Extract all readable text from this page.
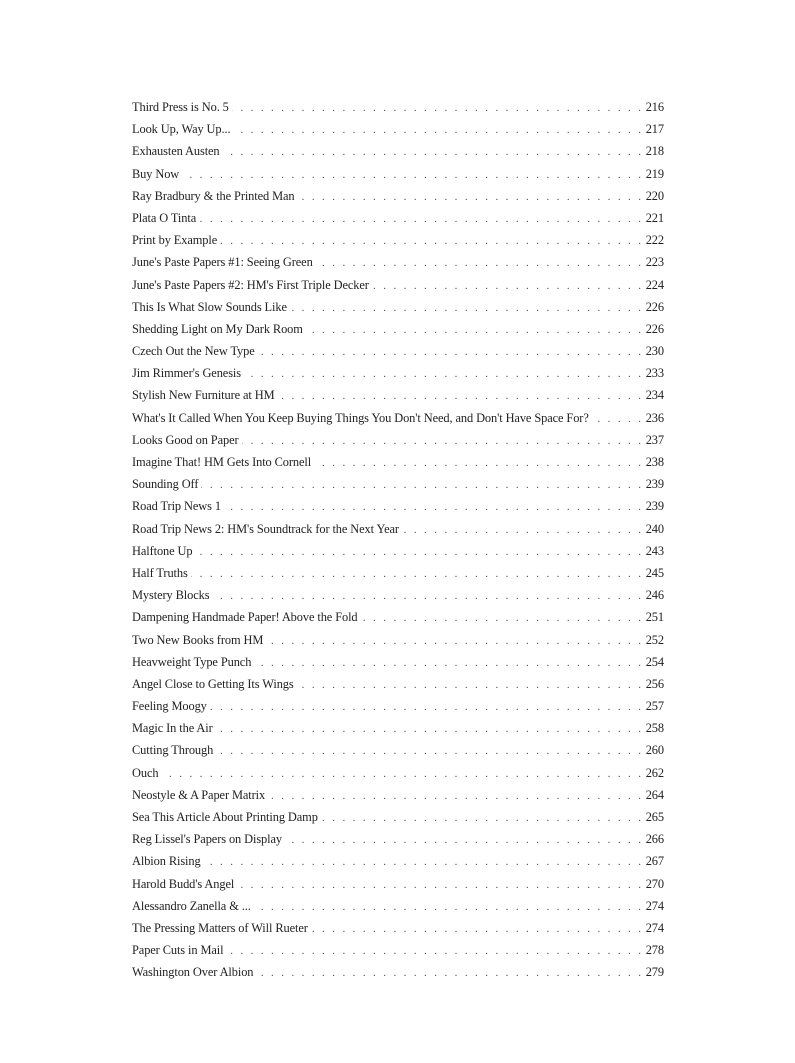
Third Press is No. 5 . . .	216
Look Up, Way Up... . . .	217
Exhausten Austen . . .	218
Buy Now . . .	219
Ray Bradbury & the Printed Man . . .	220
Plata O Tinta . . .	221
Print by Example . . .	222
June's Paste Papers #1: Seeing Green . . .	223
June's Paste Papers #2: HM's First Triple Decker . . .	224
This Is What Slow Sounds Like . . .	226
Shedding Light on My Dark Room . . .	226
Czech Out the New Type . . .	230
Jim Rimmer's Genesis . . .	233
Stylish New Furniture at HM . . .	234
What's It Called When You Keep Buying Things You Don't Need, and Don't Have Space For? . . .	236
Looks Good on Paper . . .	237
Imagine That! HM Gets Into Cornell . . .	238
Sounding Off . . .	239
Road Trip News 1 . . .	239
Road Trip News 2: HM's Soundtrack for the Next Year . . .	240
Halftone Up . . .	243
Half Truths . . .	245
Mystery Blocks . . .	246
Dampening Handmade Paper! Above the Fold . . .	251
Two New Books from HM . . .	252
Heavweight Type Punch . . .	254
Angel Close to Getting Its Wings . . .	256
Feeling Moogy . . .	257
Magic In the Air . . .	258
Cutting Through . . .	260
Ouch . . .	262
Neostyle & A Paper Matrix . . .	264
Sea This Article About Printing Damp . . .	265
Reg Lissel's Papers on Display . . .	266
Albion Rising . . .	267
Harold Budd's Angel . . .	270
Alessandro Zanella & ... . . .	274
The Pressing Matters of Will Rueter . . .	274
Paper Cuts in Mail . . .	278
Washington Over Albion . . .	279
